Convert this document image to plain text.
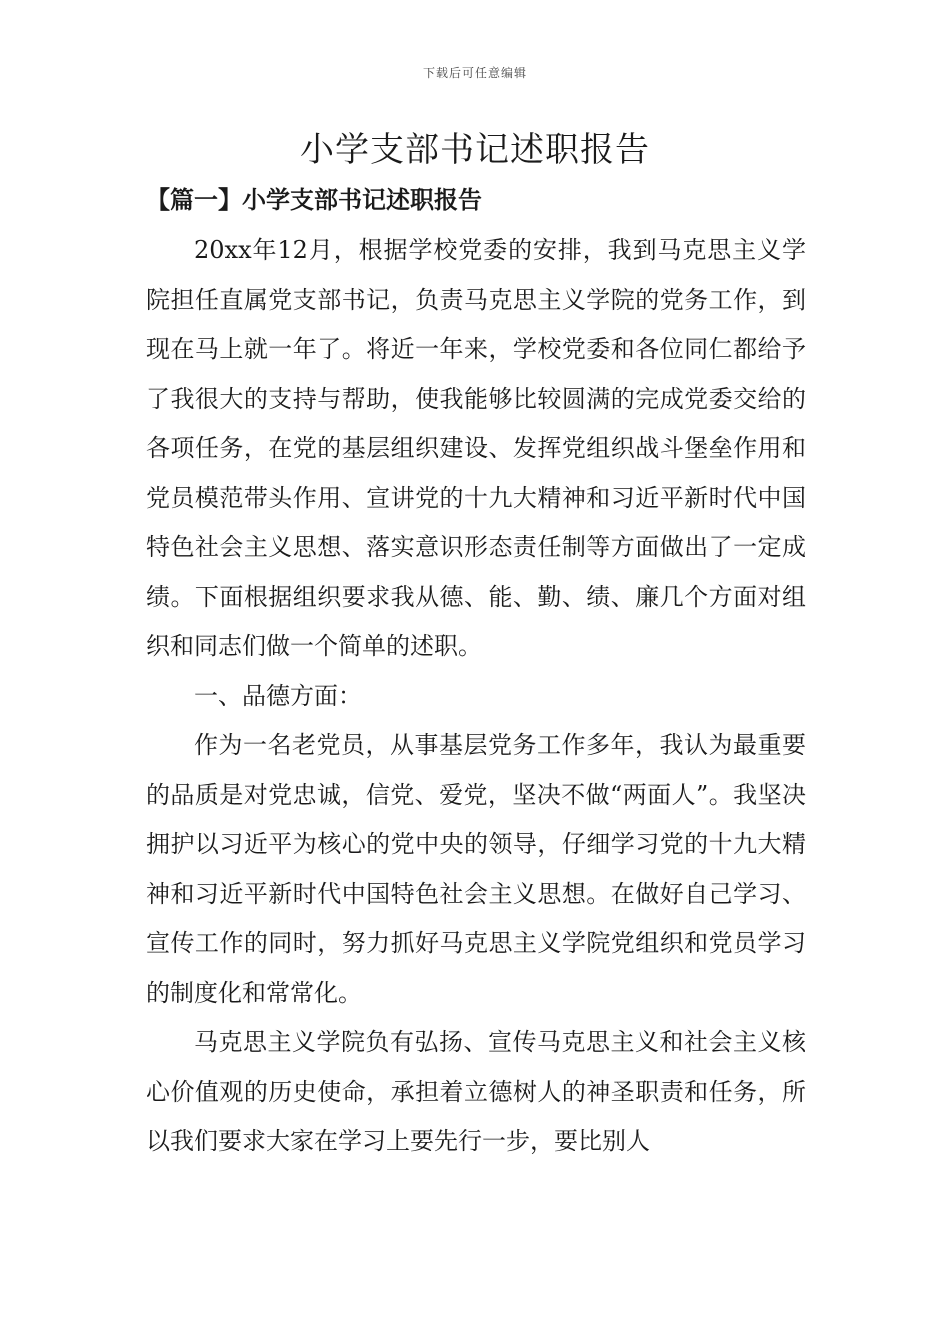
下载后可任意编辑
小学支部书记述职报告
【篇一】小学支部书记述职报告

20xx年12月，根据学校党委的安排，我到马克思主义学院担任直属党支部书记，负责马克思主义学院的党务工作，到现在马上就一年了。将近一年来，学校党委和各位同仁都给予了我很大的支持与帮助，使我能够比较圆满的完成党委交给的各项任务，在党的基层组织建设、发挥党组织战斗堡垒作用和党员模范带头作用、宣讲党的十九大精神和习近平新时代中国特色社会主义思想、落实意识形态责任制等方面做出了一定成绩。下面根据组织要求我从德、能、勤、绩、廉几个方面对组织和同志们做一个简单的述职。

一、品德方面：

作为一名老党员，从事基层党务工作多年，我认为最重要的品质是对党忠诚，信党、爱党，坚决不做“两面人”。我坚决拥护以习近平为核心的党中央的领导，仔细学习党的十九大精神和习近平新时代中国特色社会主义思想。在做好自己学习、宣传工作的同时，努力抓好马克思主义学院党组织和党员学习的制度化和常常化。

马克思主义学院负有弘扬、宣传马克思主义和社会主义核心价值观的历史使命，承担着立德树人的神圣职责和任务，所以我们要求大家在学习上要先行一步，要比别人
